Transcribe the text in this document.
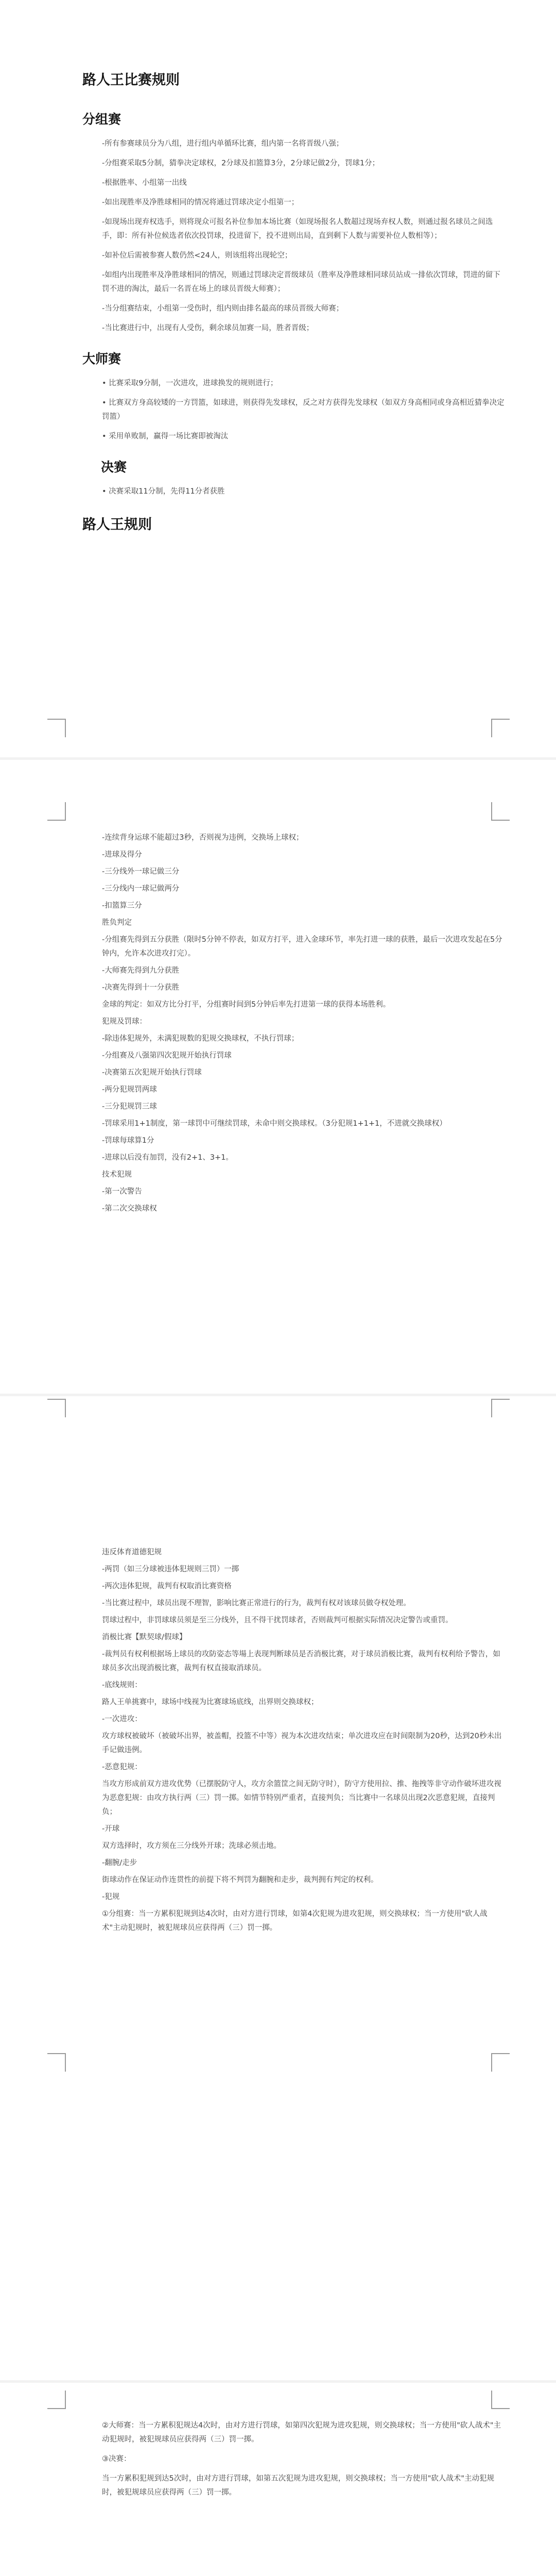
路人王比赛规则
分组赛

-所有参赛球员分为八组，进行组内单循环比赛，组内第一名将晋级八强；

-分组赛采取5分制，猜拳决定球权，2分球及扣篮算3分，2分球记做2分，罚球1分；

-根据胜率、小组第一出线

-如出现胜率及净胜球相同的情况将通过罚球决定小组第一；

-如现场出现弃权选手，则将现众可报名补位参加本场比赛（如现场报名人数超过现场弃权人数，则通过报名球员之间选手，即：所有补位候选者依次投罚球，投进留下，投不进则出局，直到剩下人数与需要补位人数相等）；

-如补位后需被参赛人数仍然<24人，则该组将出现轮空；

-如组内出现胜率及净胜球相同的情况，则通过罚球决定晋级球员（胜率及净胜球相同球员站成一排依次罚球，罚进的留下罚不进的淘汰，最后一名晋在场上的球员晋级大师赛）；

-当分组赛结束，小组第一受伤时，组内则由排名最高的球员晋级大师赛；

-当比赛进行中，出现有人受伤，剩余球员加赛一局，胜者晋级；

大师赛

• 比赛采取9分制，一次进攻，进球换发的规则进行；

• 比赛双方身高较矮的一方罚篮，如球进，则获得先发球权，反之对方获得先发球权（如双方身高相同或身高相近猜拳决定罚篮）

• 采用单败制，赢得一场比赛即被淘汰

决赛

• 决赛采取11分制，先得11分者获胜

路人王规则

-连续背身运球不能超过3秒，否则视为违例，交换场上球权；

-进球及得分

-三分线外一球记做三分

-三分线内一球记做两分

-扣篮算三分

胜负判定

-分组赛先得到五分获胜（限时5分钟不停表，如双方打平，进入金球环节，率先打进一球的获胜，最后一次进攻发起在5分钟内，允许本次进攻打完）。

-大师赛先得到九分获胜

-决赛先得到十一分获胜

金球的判定：如双方比分打平，分组赛时间到5分钟后率先打进第一球的获得本场胜利。

犯规及罚球：

-除违体犯规外，未满犯规数的犯规交换球权，不执行罚球；

-分组赛及八强第四次犯规开始执行罚球

-决赛第五次犯规开始执行罚球

-两分犯规罚两球

-三分犯规罚三球

-罚球采用1+1制度，第一球罚中可继续罚球，未命中则交换球权。（3分犯规1+1+1，不进就交换球权）

-罚球每球算1分

-进球以后没有加罚，没有2+1、3+1。

技术犯规

-第一次警告

-第二次交换球权

违反体育道德犯规

-两罚（如三分球被违体犯规则三罚）一掷

-两次违体犯规，裁判有权取消比赛资格

-当比赛过程中，球员出现不理智，影响比赛正常进行的行为，裁判有权对该球员做夺权处理。

罚球过程中，非罚球球员须是至三分线外，且不得干扰罚球者，否则裁判可根据实际情况决定警告或重罚。

消极比赛【默契球/假球】

-裁判员有权利根据场上球员的攻防姿态等場上表现判断球员是否消极比赛，对于球员消极比赛，裁判有权利给予警告，如球员多次出现消极比赛，裁判有权直接取消球员。

-底线规则：

路人王单挑赛中，球场中线视为比赛球场底线，出界则交换球权；

-一次进攻：

攻方球权被破坏（被破坏出界，被盖帽，投篮不中等）视为本次进攻结束；单次进攻应在时间限制为20秒，达到20秒未出手记做违例。

-恶意犯规：

当攻方形成前双方进攻优势（已摆脱防守人，攻方余篮筐之间无防守时），防守方使用拉、推、拖拽等非守动作破坏进攻视为恶意犯规：由攻方执行两（三）罚一掷。如情节特别严重者，直接判负；当比赛中一名球员出现2次恶意犯规，直接判负；

-开球

双方选择时，攻方须在三分线外开球；洗球必须击地。

-翻腕/走步

街球动作在保证动作连贯性的前提下将不判罚为翻腕和走步，裁判拥有判定的权利。

-犯规

①分组赛：当一方累积犯规到达4次时，由对方进行罚球，如第4次犯规为进攻犯规，则交换球权；当一方使用"砍人战术"主动犯规时，被犯规球员应获得两（三）罚一掷。

②大师赛：当一方累积犯规达4次时，由对方进行罚球，如第四次犯规为进攻犯规，则交换球权；当一方使用"砍人战术"主动犯规时，被犯规球员应获得两（三）罚一掷。

③决赛：

当一方累积犯规到达5次时，由对方进行罚球，如第五次犯规为进攻犯规，则交换球权；当一方使用"砍人战术"主动犯规时，被犯规球员应获得两（三）罚一掷。
